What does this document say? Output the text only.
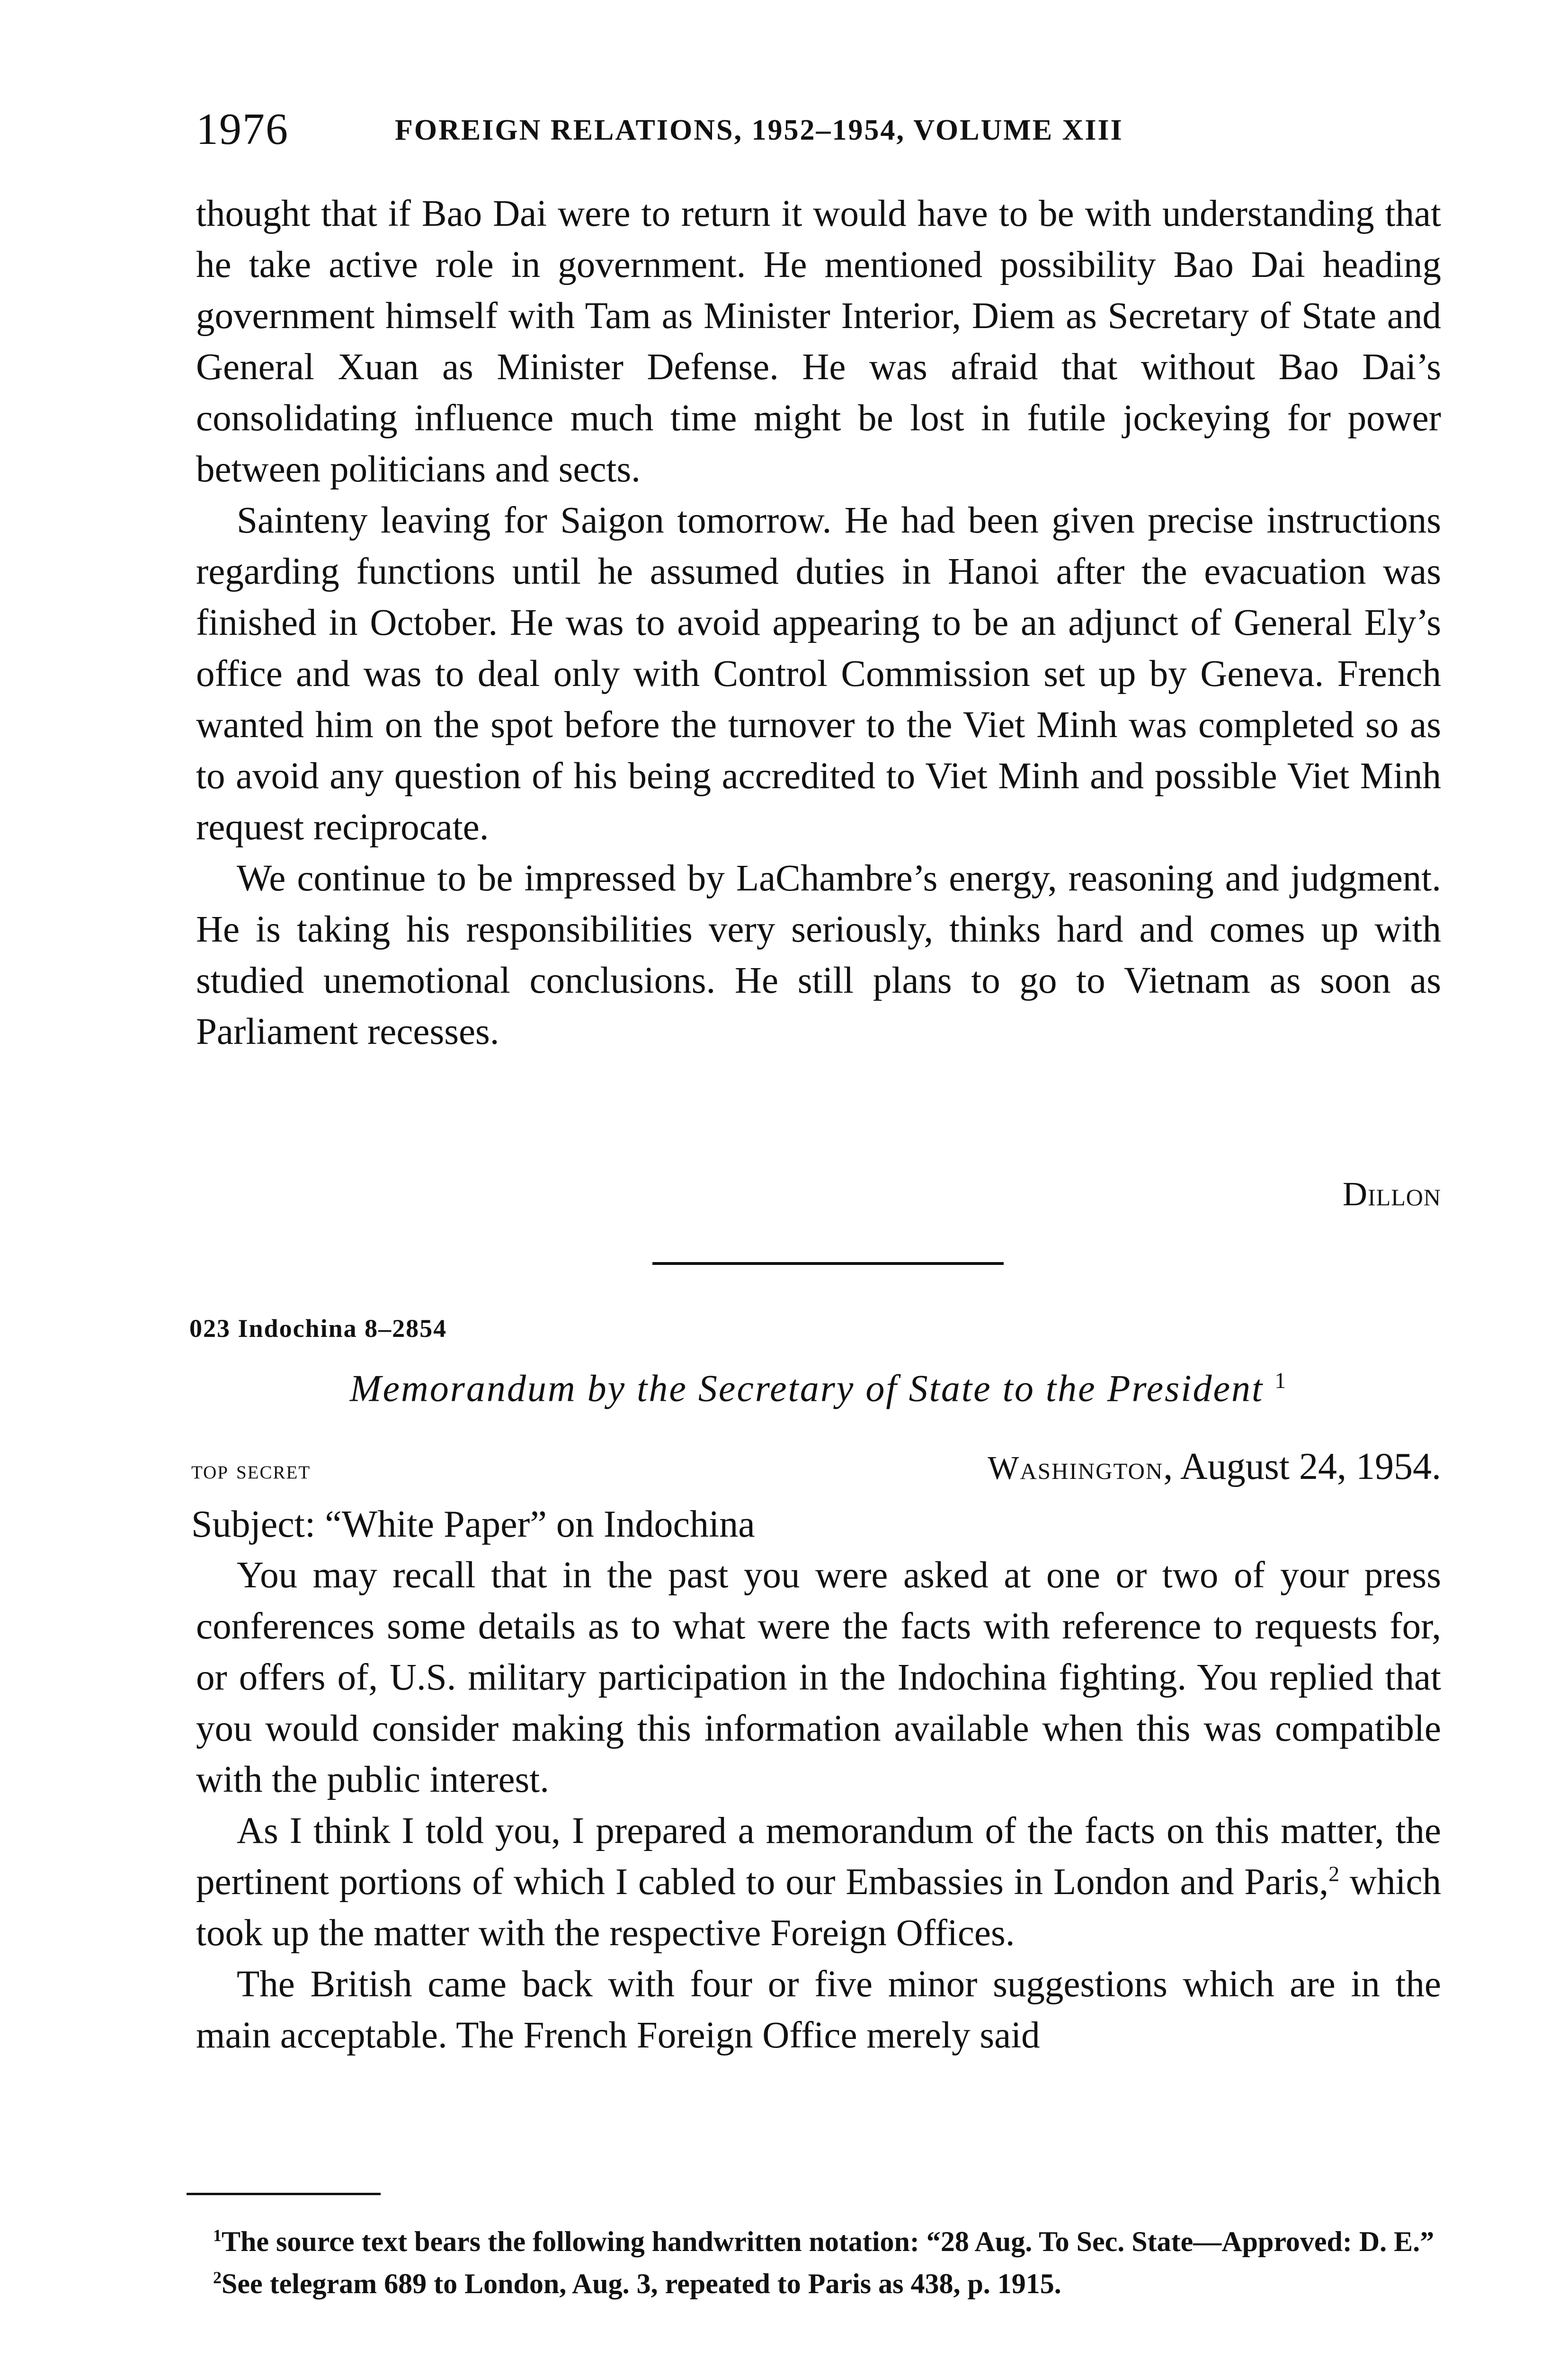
1976	FOREIGN RELATIONS, 1952–1954, VOLUME XIII

thought that if Bao Dai were to return it would have to be with understanding that he take active role in government. He mentioned possibility Bao Dai heading government himself with Tam as Minister Interior, Diem as Secretary of State and General Xuan as Minister Defense. He was afraid that without Bao Dai’s consolidating influence much time might be lost in futile jockeying for power between politicians and sects.

Sainteny leaving for Saigon tomorrow. He had been given precise instructions regarding functions until he assumed duties in Hanoi after the evacuation was finished in October. He was to avoid appearing to be an adjunct of General Ely’s office and was to deal only with Control Commission set up by Geneva. French wanted him on the spot before the turnover to the Viet Minh was completed so as to avoid any question of his being accredited to Viet Minh and possible Viet Minh request reciprocate.

We continue to be impressed by LaChambre’s energy, reasoning and judgment. He is taking his responsibilities very seriously, thinks hard and comes up with studied unemotional conclusions. He still plans to go to Vietnam as soon as Parliament recesses.

Dillon
023 Indochina 8–2854
Memorandum by the Secretary of State to the President $^1$
top secret	Washington, August 24, 1954.
Subject: “White Paper” on Indochina

You may recall that in the past you were asked at one or two of your press conferences some details as to what were the facts with reference to requests for, or offers of, U.S. military participation in the Indochina fighting. You replied that you would consider making this information available when this was compatible with the public interest.

As I think I told you, I prepared a memorandum of the facts on this matter, the pertinent portions of which I cabled to our Embassies in London and Paris,$^2$ which took up the matter with the respective Foreign Offices.

The British came back with four or five minor suggestions which are in the main acceptable. The French Foreign Office merely said

$^1$The source text bears the following handwritten notation: “28 Aug. To Sec. State—Approved: D. E.”

$^2$See telegram 689 to London, Aug. 3, repeated to Paris as 438, p. 1915.
